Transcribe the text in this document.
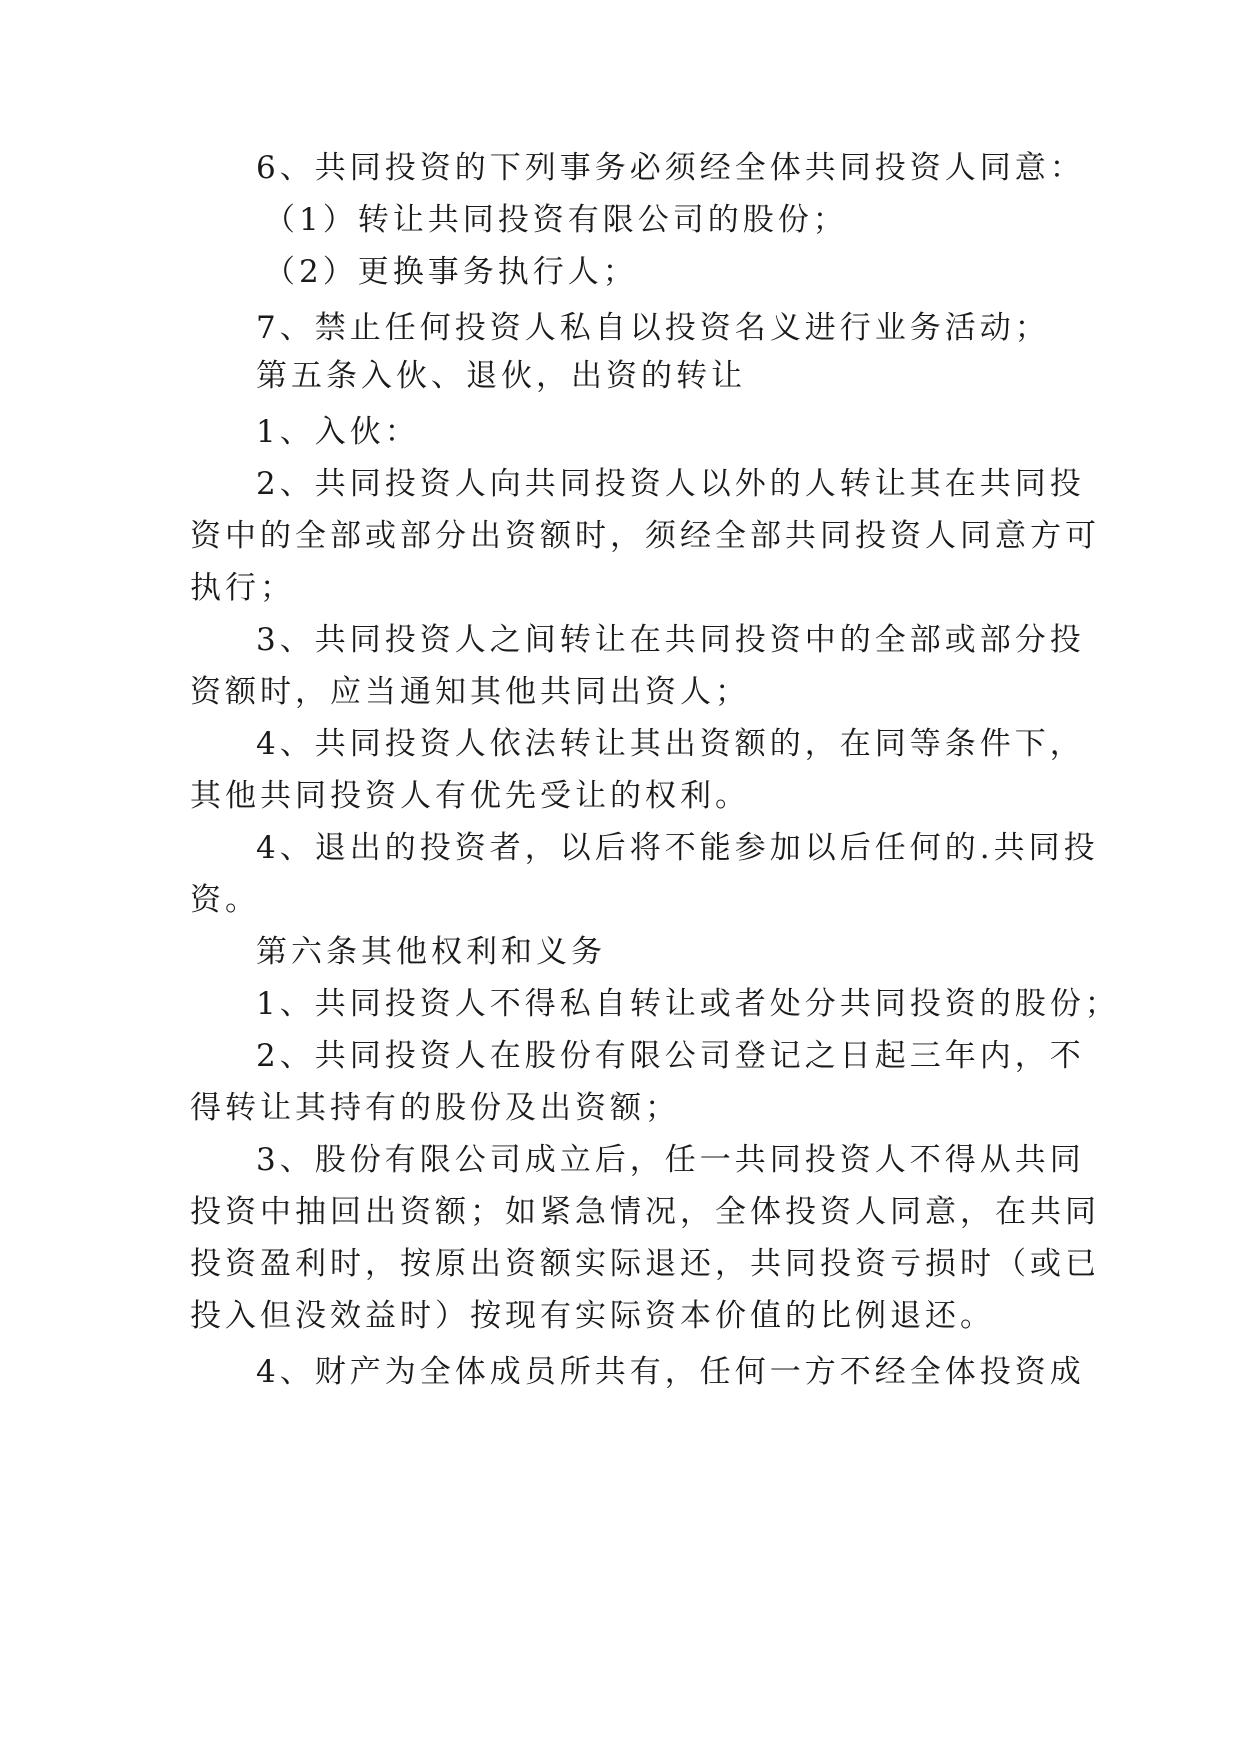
6、共同投资的下列事务必须经全体共同投资人同意：
（1）转让共同投资有限公司的股份；
（2）更换事务执行人；
7、禁止任何投资人私自以投资名义进行业务活动；
第五条入伙、退伙，出资的转让
1、入伙：
2、共同投资人向共同投资人以外的人转让其在共同投
资中的全部或部分出资额时，须经全部共同投资人同意方可
执行；
3、共同投资人之间转让在共同投资中的全部或部分投
资额时，应当通知其他共同出资人；
4、共同投资人依法转让其出资额的，在同等条件下，
其他共同投资人有优先受让的权利。
4、退出的投资者，以后将不能参加以后任何的.共同投
资。
第六条其他权利和义务
1、共同投资人不得私自转让或者处分共同投资的股份；
2、共同投资人在股份有限公司登记之日起三年内，不
得转让其持有的股份及出资额；
3、股份有限公司成立后，任一共同投资人不得从共同
投资中抽回出资额；如紧急情况，全体投资人同意，在共同
投资盈利时，按原出资额实际退还，共同投资亏损时（或已
投入但没效益时）按现有实际资本价值的比例退还。
4、财产为全体成员所共有，任何一方不经全体投资成
